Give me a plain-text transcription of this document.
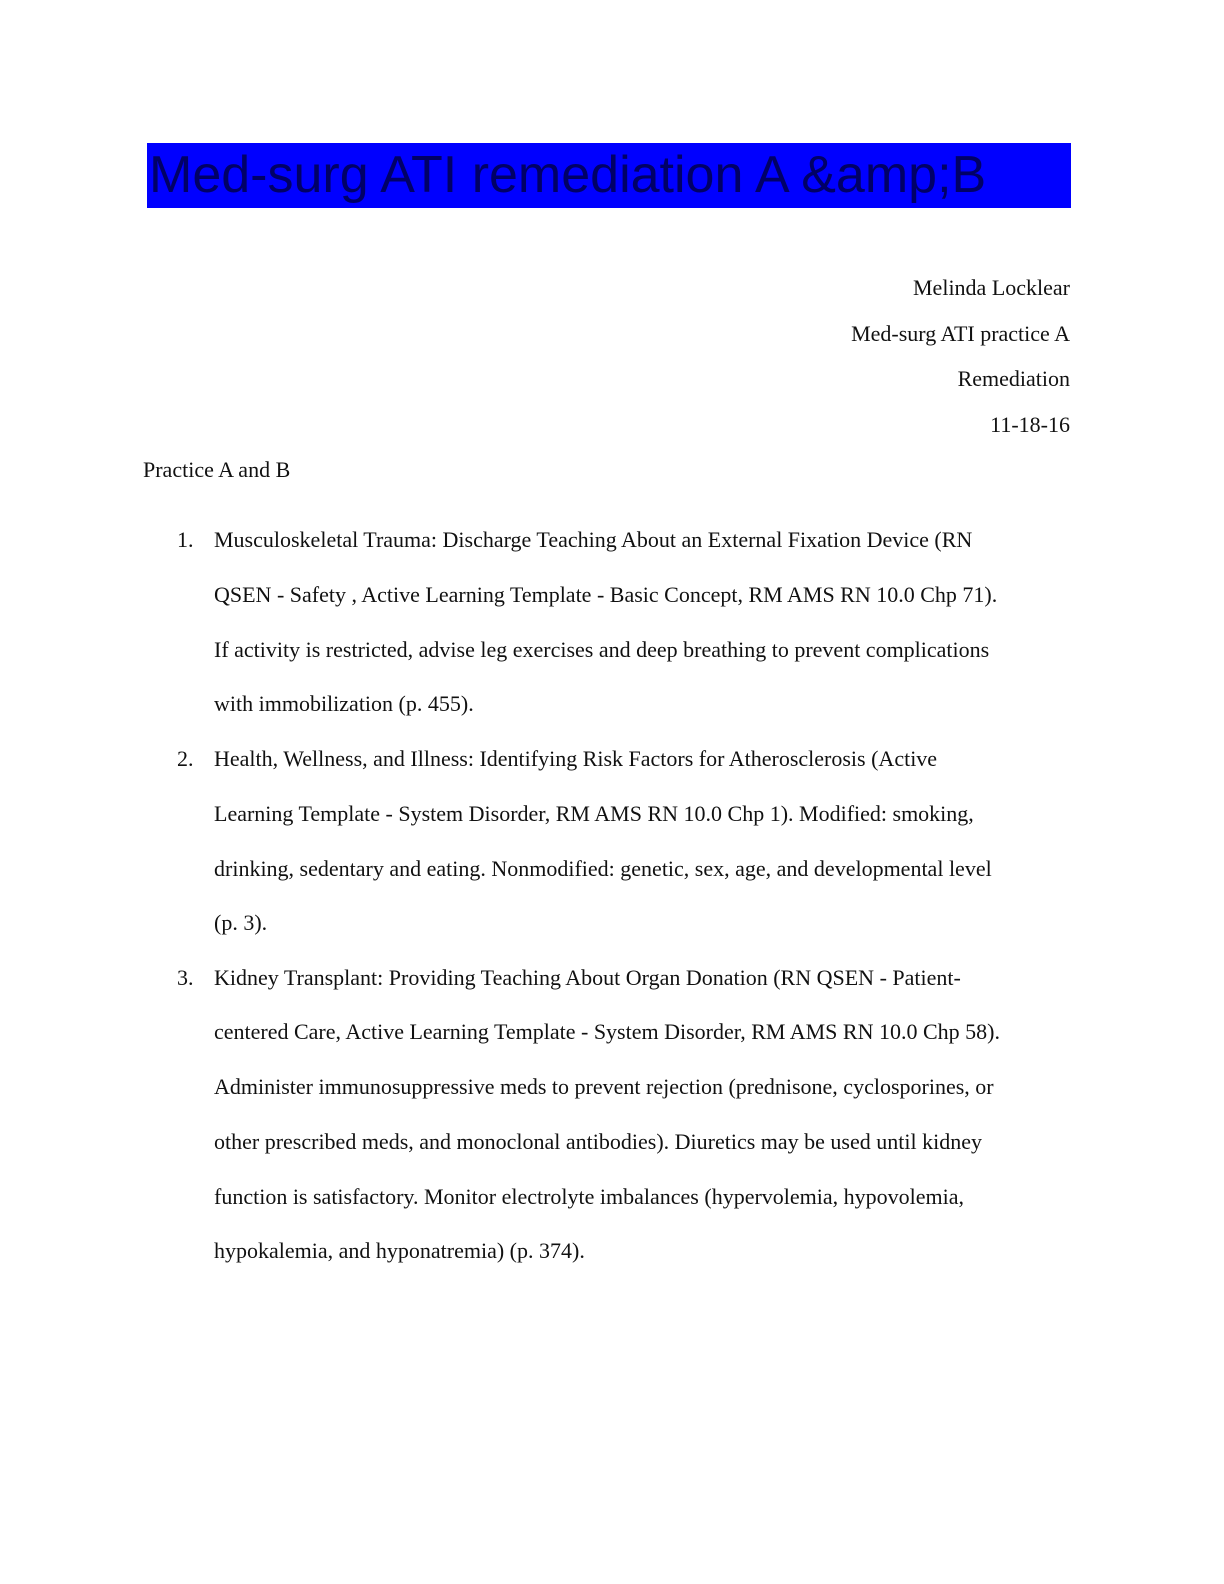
Med-surg ATI remediation A &amp;B
Melinda Locklear
Med-surg ATI practice A
Remediation
11-18-16
Practice A and B
1. Musculoskeletal Trauma: Discharge Teaching About an External Fixation Device (RN
QSEN - Safety , Active Learning Template - Basic Concept, RM AMS RN 10.0 Chp 71).
If activity is restricted, advise leg exercises and deep breathing to prevent complications
with immobilization (p. 455).
2. Health, Wellness, and Illness: Identifying Risk Factors for Atherosclerosis (Active
Learning Template - System Disorder, RM AMS RN 10.0 Chp 1). Modified: smoking,
drinking, sedentary and eating. Nonmodified: genetic, sex, age, and developmental level
(p. 3).
3. Kidney Transplant: Providing Teaching About Organ Donation (RN QSEN - Patient-
centered Care, Active Learning Template - System Disorder, RM AMS RN 10.0 Chp 58).
Administer immunosuppressive meds to prevent rejection (prednisone, cyclosporines, or
other prescribed meds, and monoclonal antibodies). Diuretics may be used until kidney
function is satisfactory. Monitor electrolyte imbalances (hypervolemia, hypovolemia,
hypokalemia, and hyponatremia) (p. 374).
